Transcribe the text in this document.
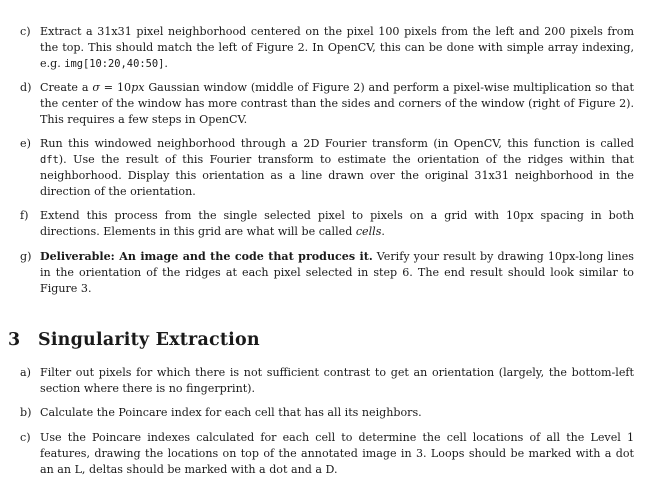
c) Extract a 31x31 pixel neighborhood centered on the pixel 100 pixels from the left and 200 pixels from the top. This should match the left of Figure 2. In OpenCV, this can be done with simple array indexing, e.g. img[10:20,40:50].
d) Create a σ = 10px Gaussian window (middle of Figure 2) and perform a pixel-wise multiplication so that the center of the window has more contrast than the sides and corners of the window (right of Figure 2). This requires a few steps in OpenCV.
e) Run this windowed neighborhood through a 2D Fourier transform (in OpenCV, this function is called dft). Use the result of this Fourier transform to estimate the orientation of the ridges within that neighborhood. Display this orientation as a line drawn over the original 31x31 neighborhood in the direction of the orientation.
f)	Extend this process from the single selected pixel to pixels on a grid with 10px spacing in both directions. Elements in this grid are what will be called cells.
g) Deliverable: An image and the code that produces it. Verify your result by drawing 10px-long lines in the orientation of the ridges at each pixel selected in step 6. The end result should look similar to Figure 3.
3 Singularity Extraction
a) Filter out pixels for which there is not sufficient contrast to get an orientation (largely, the bottom-left section where there is no fingerprint).
b) Calculate the Poincare index for each cell that has all its neighbors.
c) Use the Poincare indexes calculated for each cell to determine the cell locations of all the Level 1 features, drawing the locations on top of the annotated image in 3. Loops should be marked with a dot an an L, deltas should be marked with a dot and a D.
